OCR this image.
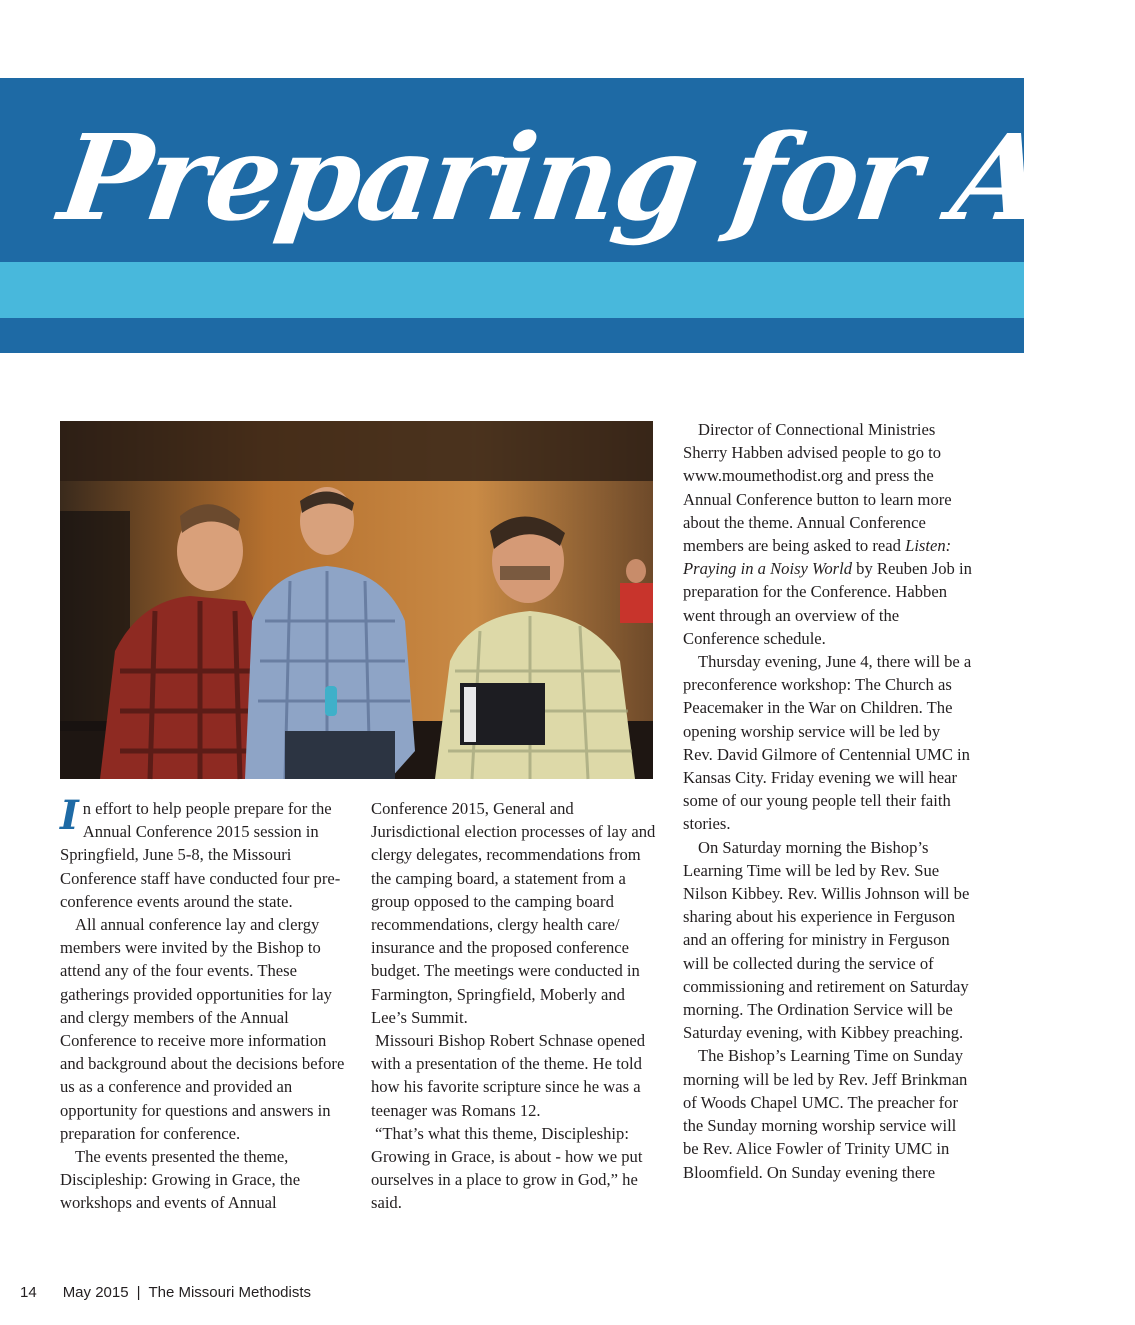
Preparing for An

In effort to help people prepare for the Annual Conference 2015 session in Springfield, June 5-8, the Missouri Conference staff have conducted four pre-conference events around the state.

All annual conference lay and clergy members were invited by the Bishop to attend any of the four events. These gatherings provided opportunities for lay and clergy members of the Annual Conference to receive more information and background about the decisions before us as a conference and provided an opportunity for questions and answers in preparation for conference.

The events presented the theme, Discipleship: Growing in Grace, the workshops and events of Annual

Conference 2015, General and Jurisdictional election processes of lay and clergy delegates, recommendations from the camping board, a statement from a group opposed to the camping board recommendations, clergy health care/ insurance and the proposed conference budget. The meetings were conducted in Farmington, Springfield, Moberly and Lee’s Summit.

Missouri Bishop Robert Schnase opened with a presentation of the theme. He told how his favorite scripture since he was a teenager was Romans 12.

“That’s what this theme, Discipleship: Growing in Grace, is about - how we put ourselves in a place to grow in God,” he said.

Director of Connectional Ministries Sherry Habben advised people to go to www.moumethodist.org and press the Annual Conference button to learn more about the theme. Annual Conference members are being asked to read Listen: Praying in a Noisy World by Reuben Job in preparation for the Conference. Habben went through an overview of the Conference schedule.

Thursday evening, June 4, there will be a preconference workshop: The Church as Peacemaker in the War on Children. The opening worship service will be led by Rev. David Gilmore of Centennial UMC in Kansas City. Friday evening we will hear some of our young people tell their faith stories.

On Saturday morning the Bishop’s Learning Time will be led by Rev. Sue Nilson Kibbey. Rev. Willis Johnson will be sharing about his experience in Ferguson and an offering for ministry in Ferguson will be collected during the service of commissioning and retirement on Saturday morning. The Ordination Service will be Saturday evening, with Kibbey preaching.

The Bishop’s Learning Time on Sunday morning will be led by Rev. Jeff Brinkman of Woods Chapel UMC. The preacher for the Sunday morning worship service will be Rev. Alice Fowler of Trinity UMC in Bloomfield. On Sunday evening there

14 May 2015 | The Missouri Methodists
